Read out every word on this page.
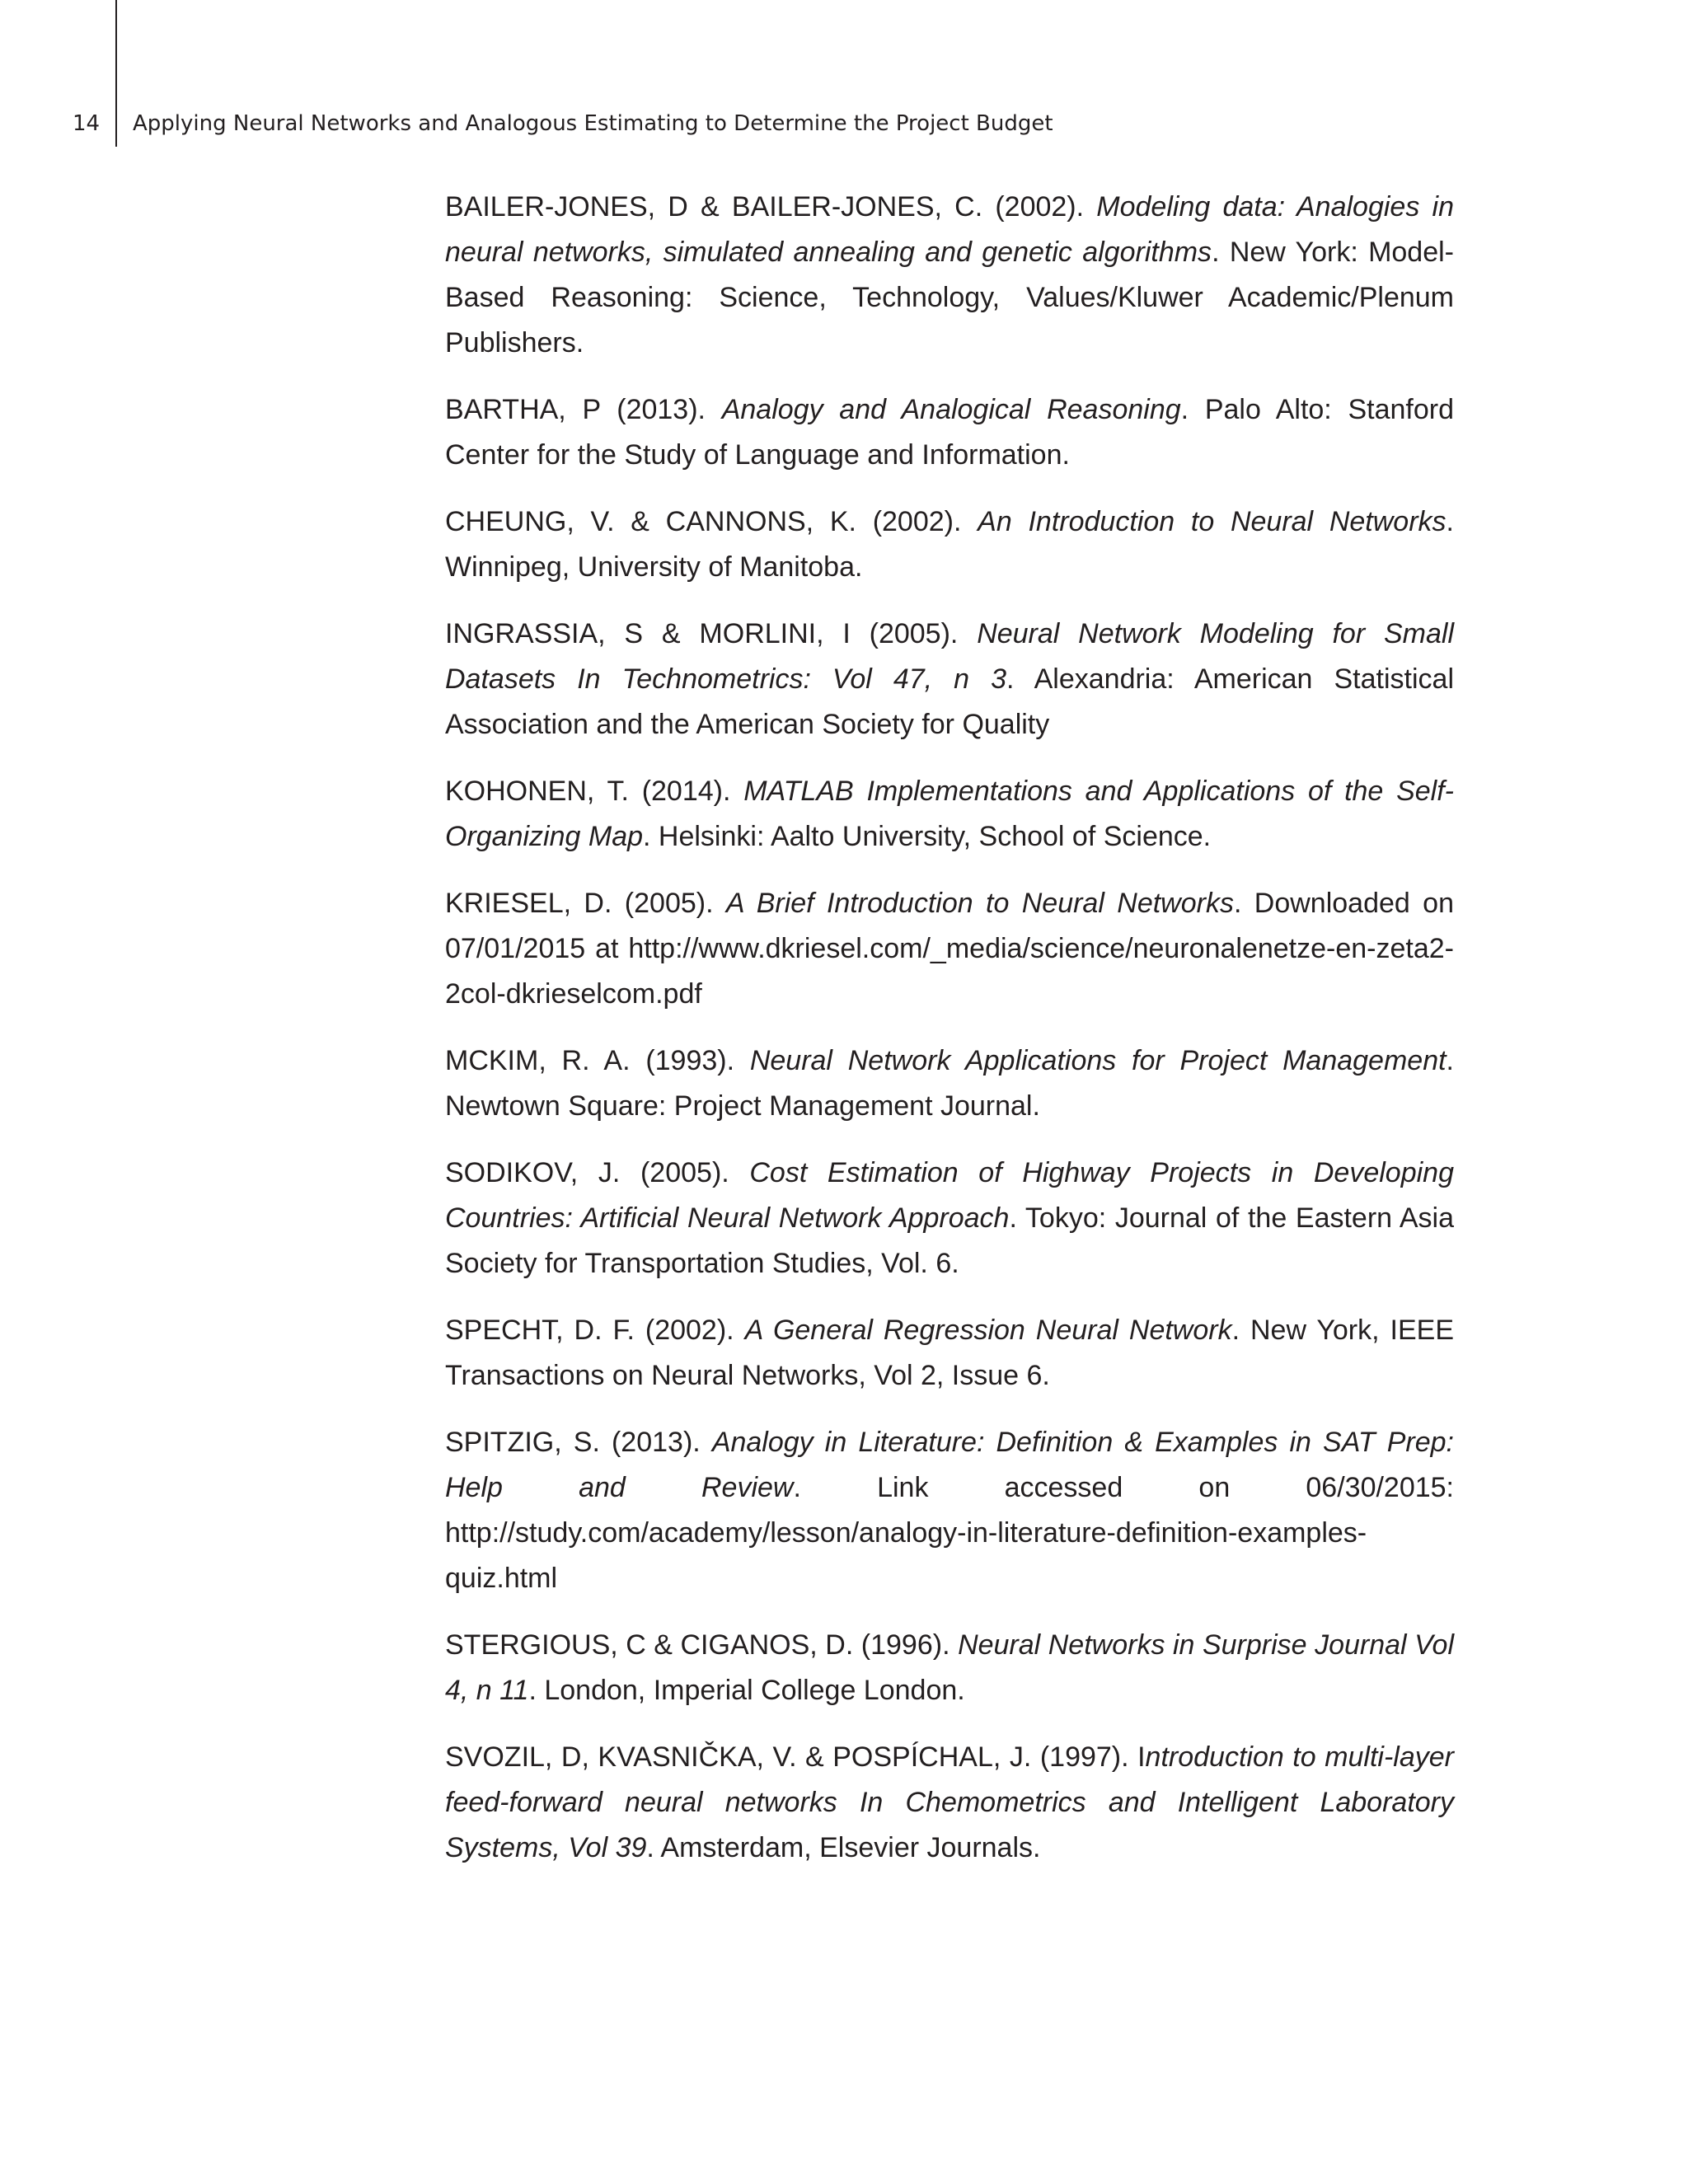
14 Applying Neural Networks and Analogous Estimating to Determine the Project Budget

BAILER-JONES, D & BAILER-JONES, C. (2002). Modeling data: Analogies in neural networks, simulated annealing and genetic algorithms. New York: Model-Based Reasoning: Science, Technology, Values/Kluwer Academic/Plenum Publishers.

BARTHA, P (2013). Analogy and Analogical Reasoning. Palo Alto: Stanford Center for the Study of Language and Information.

CHEUNG, V. & CANNONS, K. (2002). An Introduction to Neural Networks. Winnipeg, University of Manitoba.

INGRASSIA, S & MORLINI, I (2005). Neural Network Modeling for Small Datasets In Technometrics: Vol 47, n 3. Alexandria: American Statistical Association and the American Society for Quality

KOHONEN, T. (2014). MATLAB Implementations and Applications of the Self-Organizing Map. Helsinki: Aalto University, School of Science.

KRIESEL, D. (2005). A Brief Introduction to Neural Networks. Downloaded on 07/01/2015 at http://www.dkriesel.com/_media/science/neuronalenetze-en-zeta2-2col-dkrieselcom.pdf

MCKIM, R. A. (1993). Neural Network Applications for Project Management. Newtown Square: Project Management Journal.

SODIKOV, J. (2005). Cost Estimation of Highway Projects in Developing Countries: Artificial Neural Network Approach. Tokyo: Journal of the Eastern Asia Society for Transportation Studies, Vol. 6.

SPECHT, D. F. (2002). A General Regression Neural Network. New York, IEEE Transactions on Neural Networks, Vol 2, Issue 6.

SPITZIG, S. (2013). Analogy in Literature: Definition & Examples in SAT Prep: Help and Review. Link accessed on 06/30/2015: http://study.com/academy/lesson/analogy-in-literature-definition-examples-quiz.html

STERGIOUS, C & CIGANOS, D. (1996). Neural Networks in Surprise Journal Vol 4, n 11. London, Imperial College London.

SVOZIL, D, KVASNIČKA, V. & POSPÍCHAL, J. (1997). Introduction to multi-layer feed-forward neural networks In Chemometrics and Intelligent Laboratory Systems, Vol 39. Amsterdam, Elsevier Journals.
